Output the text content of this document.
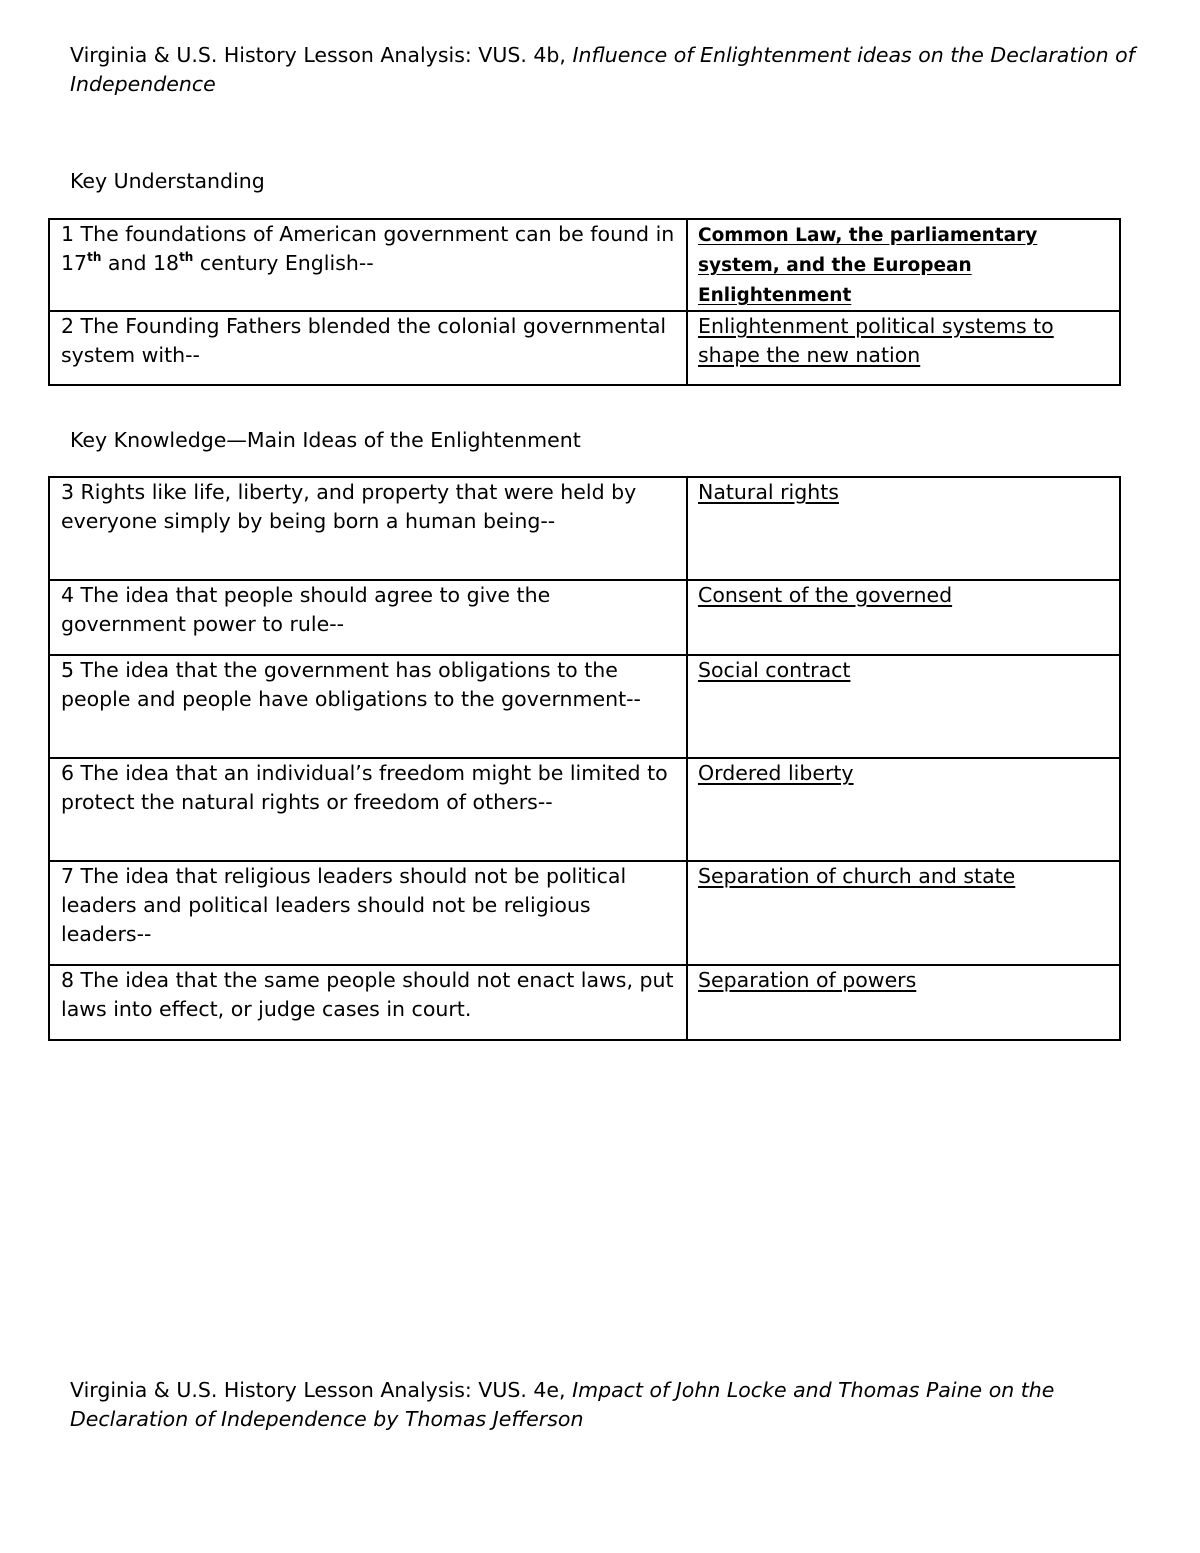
Virginia & U.S. History Lesson Analysis: VUS. 4b, Influence of Enlightenment ideas on the Declaration of Independence

Key Understanding

1 The foundations of American government can be found in 17th and 18th century English--	Common Law, the parliamentary system, and the European Enlightenment
2 The Founding Fathers blended the colonial governmental system with--	Enlightenment political systems to shape the new nation

Key Knowledge—Main Ideas of the Enlightenment

3 Rights like life, liberty, and property that were held by everyone simply by being born a human being--	Natural rights
4 The idea that people should agree to give the government power to rule--	Consent of the governed
5 The idea that the government has obligations to the people and people have obligations to the government--	Social contract
6 The idea that an individual’s freedom might be limited to protect the natural rights or freedom of others--	Ordered liberty
7 The idea that religious leaders should not be political leaders and political leaders should not be religious leaders--	Separation of church and state
8 The idea that the same people should not enact laws, put laws into effect, or judge cases in court.	Separation of powers

Virginia & U.S. History Lesson Analysis: VUS. 4e, Impact of John Locke and Thomas Paine on the Declaration of Independence by Thomas Jefferson
